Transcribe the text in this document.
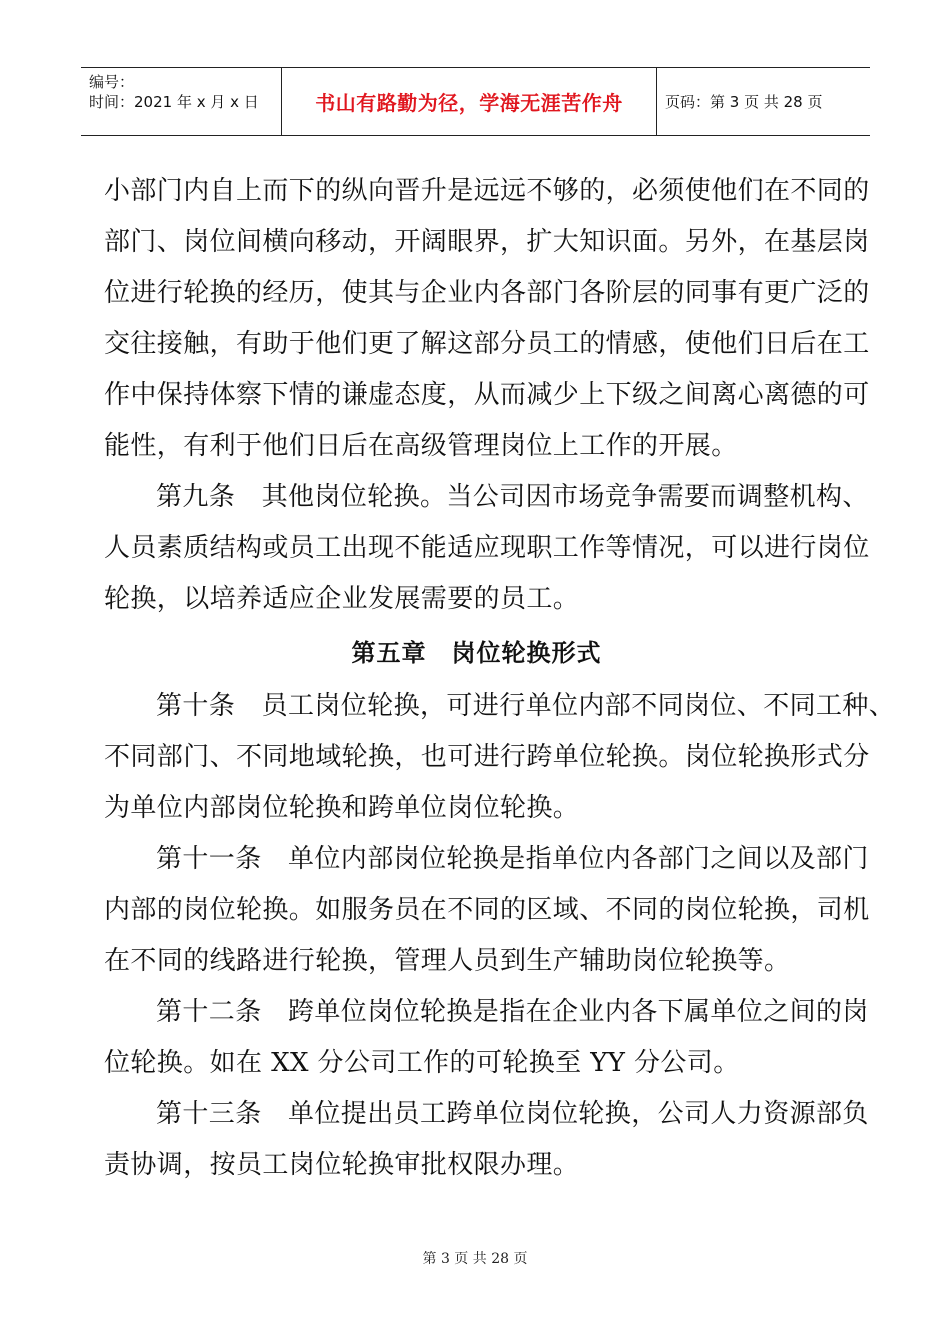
编号：
时间：2021 年 x 月 x 日	书山有路勤为径，学海无涯苦作舟	页码：第 3 页 共 28 页
小部门内自上而下的纵向晋升是远远不够的，必须使他们在不同的
部门、岗位间横向移动，开阔眼界，扩大知识面。另外，在基层岗
位进行轮换的经历，使其与企业内各部门各阶层的同事有更广泛的
交往接触，有助于他们更了解这部分员工的情感，使他们日后在工
作中保持体察下情的谦虚态度，从而减少上下级之间离心离德的可
能性，有利于他们日后在高级管理岗位上工作的开展。
第九条　其他岗位轮换。当公司因市场竞争需要而调整机构、
人员素质结构或员工出现不能适应现职工作等情况，可以进行岗位
轮换，以培养适应企业发展需要的员工。
第五章　岗位轮换形式
第十条　员工岗位轮换，可进行单位内部不同岗位、不同工种、
不同部门、不同地域轮换，也可进行跨单位轮换。岗位轮换形式分
为单位内部岗位轮换和跨单位岗位轮换。
第十一条　单位内部岗位轮换是指单位内各部门之间以及部门
内部的岗位轮换。如服务员在不同的区域、不同的岗位轮换，司机
在不同的线路进行轮换，管理人员到生产辅助岗位轮换等。
第十二条　跨单位岗位轮换是指在企业内各下属单位之间的岗
位轮换。如在 XX 分公司工作的可轮换至 YY 分公司。
第十三条　单位提出员工跨单位岗位轮换，公司人力资源部负
责协调，按员工岗位轮换审批权限办理。
第 3 页 共 28 页
